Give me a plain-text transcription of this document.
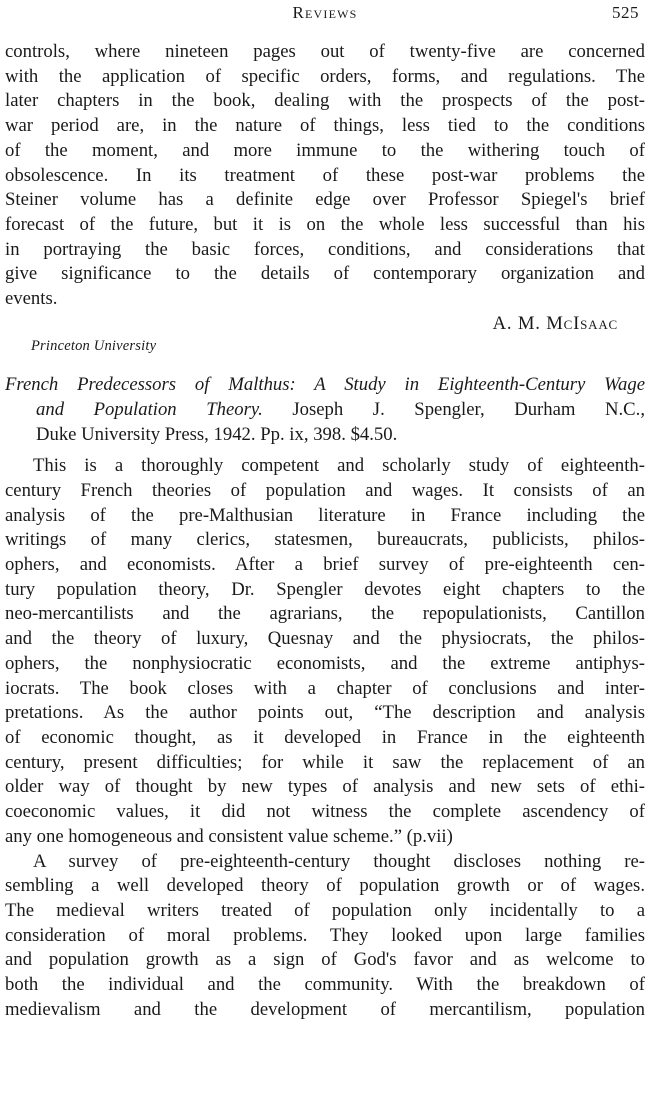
Reviews	525
controls, where nineteen pages out of twenty-five are concerned
with the application of specific orders, forms, and regulations. The
later chapters in the book, dealing with the prospects of the post-
war period are, in the nature of things, less tied to the conditions
of the moment, and more immune to the withering touch of
obsolescence. In its treatment of these post-war problems the
Steiner volume has a definite edge over Professor Spiegel's brief
forecast of the future, but it is on the whole less successful than his
in portraying the basic forces, conditions, and considerations that
give significance to the details of contemporary organization and
events.
A. M. McIsaac
Princeton University
French Predecessors of Malthus: A Study in Eighteenth-Century Wage
and Population Theory. Joseph J. Spengler, Durham N.C.,
Duke University Press, 1942. Pp. ix, 398. $4.50.
This is a thoroughly competent and scholarly study of eighteenth-
century French theories of population and wages. It consists of an
analysis of the pre-Malthusian literature in France including the
writings of many clerics, statesmen, bureaucrats, publicists, philos-
ophers, and economists. After a brief survey of pre-eighteenth cen-
tury population theory, Dr. Spengler devotes eight chapters to the
neo-mercantilists and the agrarians, the repopulationists, Cantillon
and the theory of luxury, Quesnay and the physiocrats, the philos-
ophers, the nonphysiocratic economists, and the extreme antiphys-
iocrats. The book closes with a chapter of conclusions and inter-
pretations. As the author points out, “The description and analysis
of economic thought, as it developed in France in the eighteenth
century, present difficulties; for while it saw the replacement of an
older way of thought by new types of analysis and new sets of ethi-
coeconomic values, it did not witness the complete ascendency of
any one homogeneous and consistent value scheme.” (p.vii)
A survey of pre-eighteenth-century thought discloses nothing re-
sembling a well developed theory of population growth or of wages.
The medieval writers treated of population only incidentally to a
consideration of moral problems. They looked upon large families
and population growth as a sign of God's favor and as welcome to
both the individual and the community. With the breakdown of
medievalism and the development of mercantilism, population
